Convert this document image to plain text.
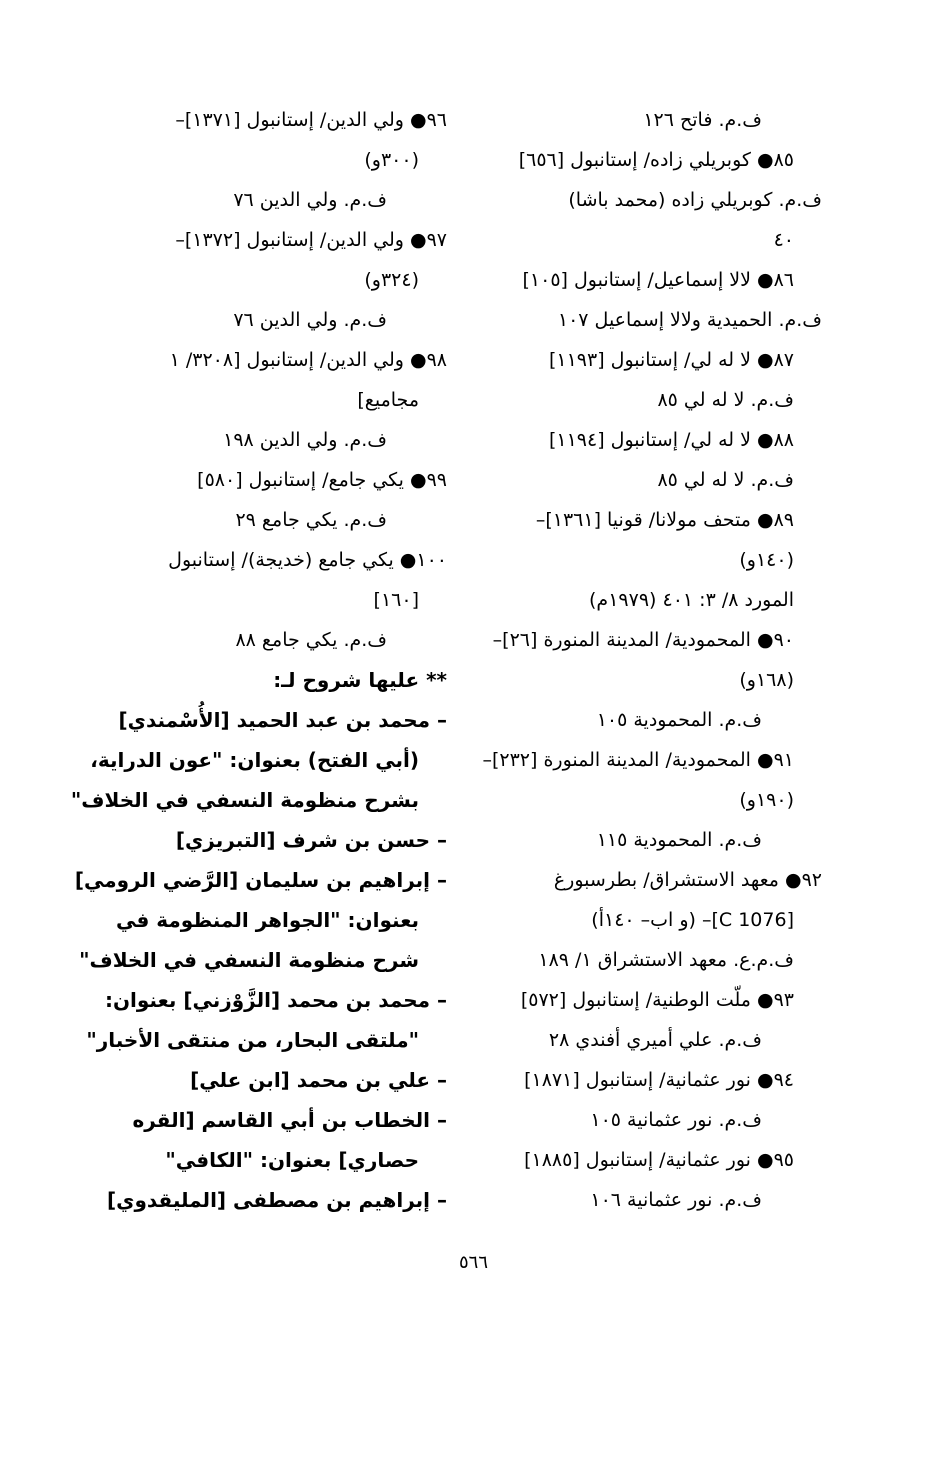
ف.م. فاتح ١٢٦
٨٥● كوبريلي زاده/ إستانبول [٦٥٦]
ف.م. كوبريلي زاده (محمد باشا)
٤٠
٨٦● لالا إسماعيل/ إستانبول [١٠٥]
ف.م. الحميدية ولالا إسماعيل ١٠٧
٨٧● لا له لي/ إستانبول [١١٩٣]
ف.م. لا له لي ٨٥
٨٨● لا له لي/ إستانبول [١١٩٤]
ف.م. لا له لي ٨٥
٨٩● متحف مولانا/ قونيا [١٣٦١]–
(١٤٠و)
المورد ٨/ ٣: ٤٠١ (١٩٧٩م)
٩٠● المحمودية/ المدينة المنورة [٢٦]–
(١٦٨و)
ف.م. المحمودية ١٠٥
٩١● المحمودية/ المدينة المنورة [٢٣٢]–
(١٩٠و)
ف.م. المحمودية ١١٥
٩٢● معهد الاستشراق/ بطرسبورغ
[C 1076]– (و اب– ١٤٠أ)
ف.م.ع. معهد الاستشراق ١/ ١٨٩
٩٣● ملّت الوطنية/ إستانبول [٥٧٢]
ف.م. علي أميري أفندي ٢٨
٩٤● نور عثمانية/ إستانبول [١٨٧١]
ف.م. نور عثمانية ١٠٥
٩٥● نور عثمانية/ إستانبول [١٨٨٥]
ف.م. نور عثمانية ١٠٦
٩٦● ولي الدين/ إستانبول [١٣٧١]–
(٣٠٠و)
ف.م. ولي الدين ٧٦
٩٧● ولي الدين/ إستانبول [١٣٧٢]–
(٣٢٤و)
ف.م. ولي الدين ٧٦
٩٨● ولي الدين/ إستانبول [٣٢٠٨/ ١
مجاميع]
ف.م. ولي الدين ١٩٨
٩٩● يكي جامع/ إستانبول [٥٨٠]
ف.م. يكي جامع ٢٩
١٠٠● يكي جامع (خديجة)/ إستانبول
[١٦٠]
ف.م. يكي جامع ٨٨
** عليها شروح لـ:
– محمد بن عبد الحميد [الأُسْمندي]
(أبي الفتح) بعنوان: "عون الدراية،
بشرح منظومة النسفي في الخلاف"
– حسن بن شرف [التبريزي]
– إبراهيم بن سليمان [الرَّضي الرومي]
بعنوان: "الجواهر المنظومة في
شرح منظومة النسفي في الخلاف"
– محمد بن محمد [الزَّوْزني] بعنوان:
"ملتقى البحار، من منتقى الأخبار"
– علي بن محمد [ابن علي]
– الخطاب بن أبي القاسم [القره
حصاري] بعنوان: "الكافي"
– إبراهيم بن مصطفى [المليقدوي]
٥٦٦
